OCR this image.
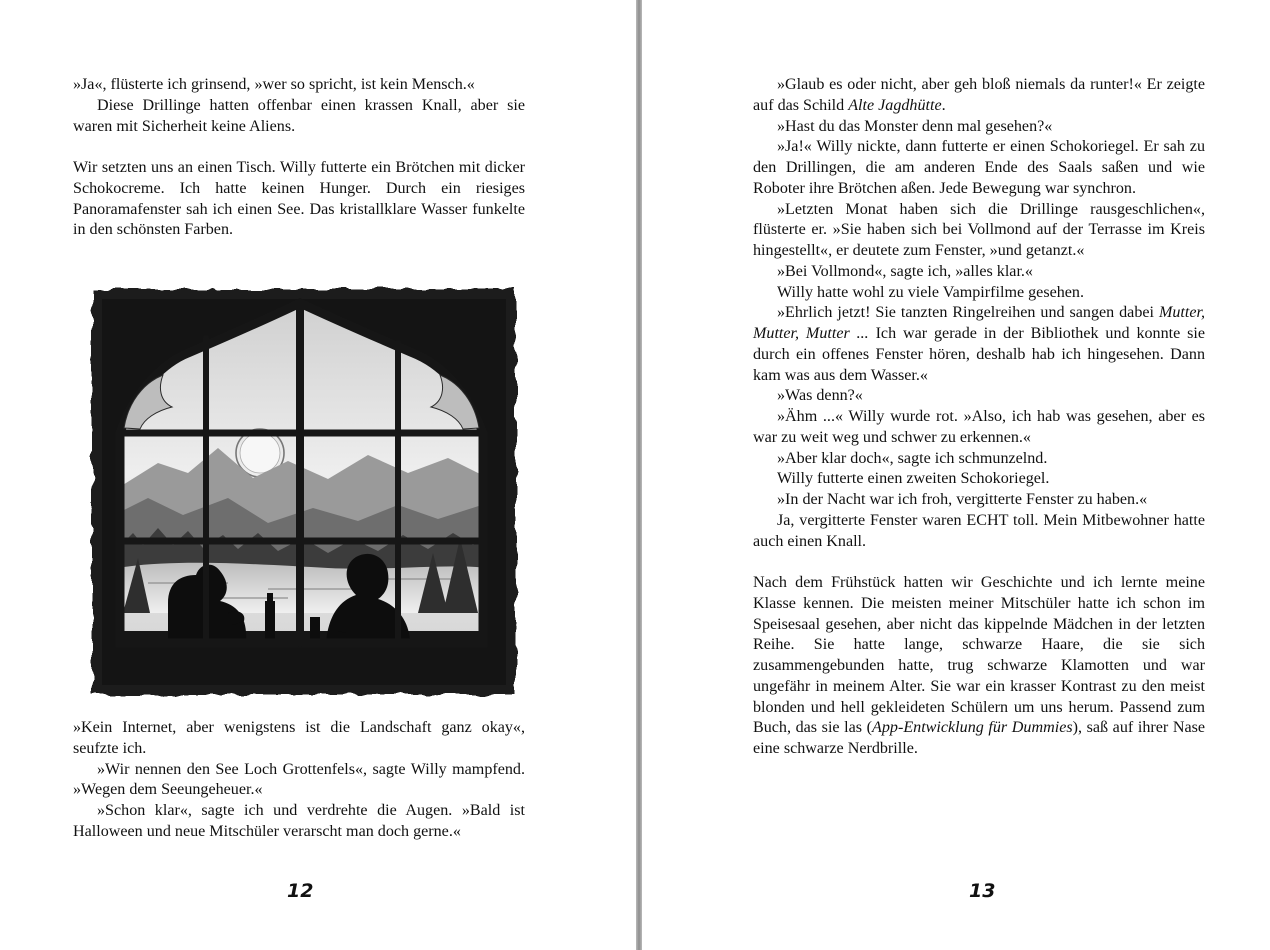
»Ja«, flüsterte ich grinsend, »wer so spricht, ist kein Mensch.«

Diese Drillinge hatten offenbar einen krassen Knall, aber sie waren mit Sicherheit keine Aliens.

Wir setzten uns an einen Tisch. Willy futterte ein Brötchen mit dicker Schokocreme. Ich hatte keinen Hunger. Durch ein riesiges Panoramafenster sah ich einen See. Das kristallklare Wasser funkelte in den schönsten Farben.

»Kein Internet, aber wenigstens ist die Landschaft ganz okay«, seufzte ich.

»Wir nennen den See Loch Grottenfels«, sagte Willy mampfend. »Wegen dem Seeungeheuer.«

»Schon klar«, sagte ich und verdrehte die Augen. »Bald ist Halloween und neue Mitschüler verarscht man doch gerne.«

12

»Glaub es oder nicht, aber geh bloß niemals da runter!« Er zeigte auf das Schild Alte Jagdhütte.

»Hast du das Monster denn mal gesehen?«

»Ja!« Willy nickte, dann futterte er einen Schokoriegel. Er sah zu den Drillingen, die am anderen Ende des Saals saßen und wie Roboter ihre Brötchen aßen. Jede Bewegung war synchron.

»Letzten Monat haben sich die Drillinge rausgeschlichen«, flüsterte er. »Sie haben sich bei Vollmond auf der Terrasse im Kreis hingestellt«, er deutete zum Fenster, »und getanzt.«

»Bei Vollmond«, sagte ich, »alles klar.«

Willy hatte wohl zu viele Vampirfilme gesehen.

»Ehrlich jetzt! Sie tanzten Ringelreihen und sangen dabei Mutter, Mutter, Mutter ... Ich war gerade in der Bibliothek und konnte sie durch ein offenes Fenster hören, deshalb hab ich hingesehen. Dann kam was aus dem Wasser.«

»Was denn?«

»Ähm ...« Willy wurde rot. »Also, ich hab was gesehen, aber es war zu weit weg und schwer zu erkennen.«

»Aber klar doch«, sagte ich schmunzelnd.

Willy futterte einen zweiten Schokoriegel.

»In der Nacht war ich froh, vergitterte Fenster zu haben.«

Ja, vergitterte Fenster waren ECHT toll. Mein Mitbewohner hatte auch einen Knall.

Nach dem Frühstück hatten wir Geschichte und ich lernte meine Klasse kennen. Die meisten meiner Mitschüler hatte ich schon im Speisesaal gesehen, aber nicht das kippelnde Mädchen in der letzten Reihe. Sie hatte lange, schwarze Haare, die sie sich zusammengebunden hatte, trug schwarze Klamotten und war ungefähr in meinem Alter. Sie war ein krasser Kontrast zu den meist blonden und hell gekleideten Schülern um uns herum. Passend zum Buch, das sie las (App-Entwicklung für Dummies), saß auf ihrer Nase eine schwarze Nerdbrille.

13
